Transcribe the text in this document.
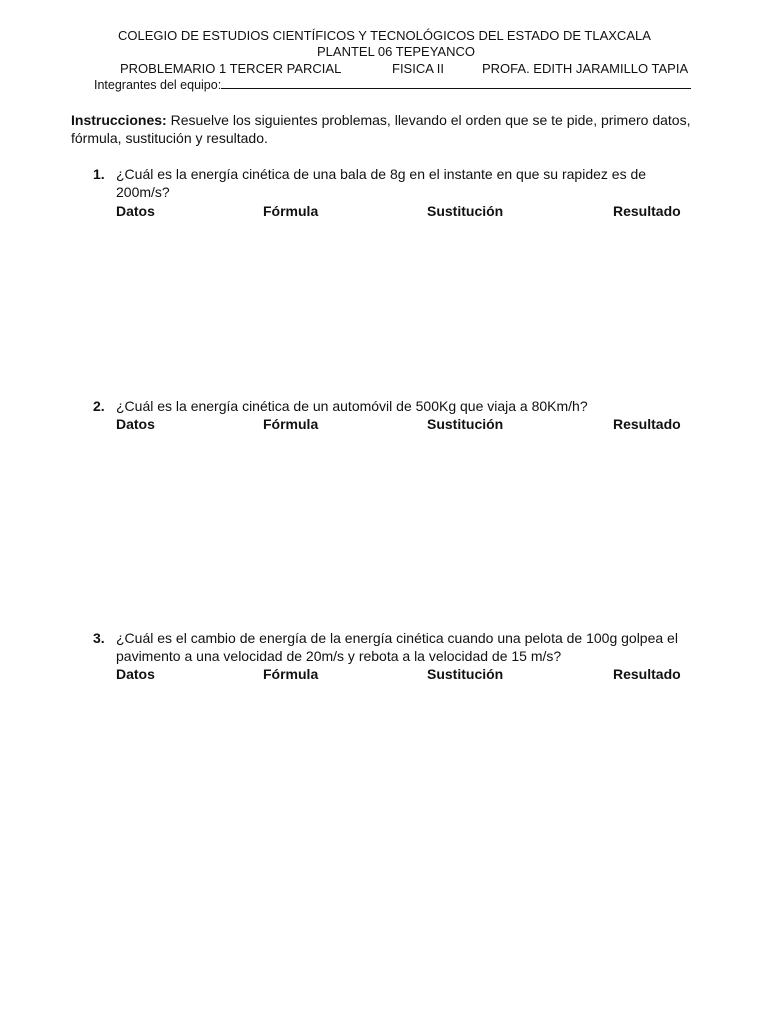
COLEGIO DE ESTUDIOS CIENTÍFICOS Y TECNOLÓGICOS DEL ESTADO DE TLAXCALA
PLANTEL 06 TEPEYANCO
PROBLEMARIO 1 TERCER PARCIAL	FISICA II	PROFA. EDITH JARAMILLO TAPIA
Integrantes del equipo:
Instrucciones: Resuelve los siguientes problemas, llevando el orden que se te pide, primero datos, fórmula, sustitución y resultado.
1. ¿Cuál es la energía cinética de una bala de 8g en el instante en que su rapidez es de 200m/s?
Datos	Fórmula	Sustitución	Resultado
2. ¿Cuál es la energía cinética de un automóvil de 500Kg que viaja a 80Km/h?
Datos	Fórmula	Sustitución	Resultado
3. ¿Cuál es el cambio de energía de la energía cinética cuando una pelota de 100g golpea el pavimento a una velocidad de 20m/s y rebota a la velocidad de 15 m/s?
Datos	Fórmula	Sustitución	Resultado
